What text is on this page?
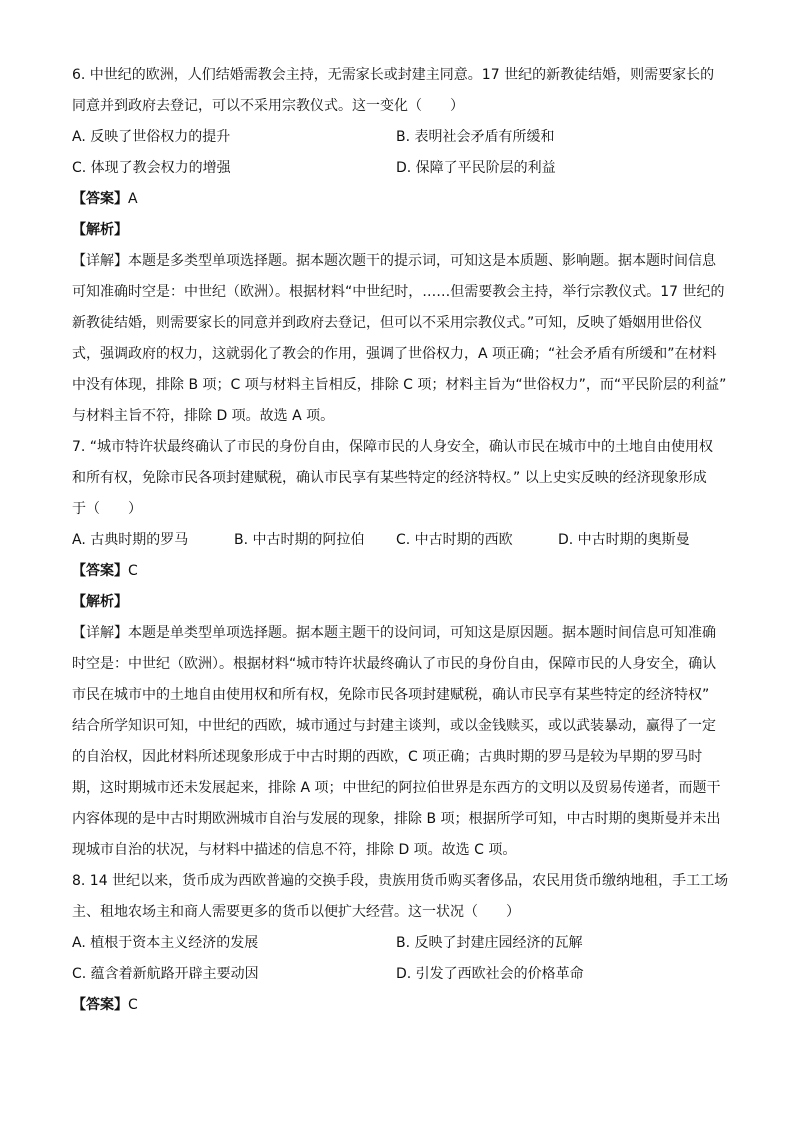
6. 中世纪的欧洲，人们结婚需教会主持，无需家长或封建主同意。17 世纪的新教徒结婚，则需要家长的
同意并到政府去登记，可以不采用宗教仪式。这一变化（　　）
A. 反映了世俗权力的提升	B. 表明社会矛盾有所缓和
C. 体现了教会权力的增强	D. 保障了平民阶层的利益
【答案】A
【解析】
【详解】本题是多类型单项选择题。据本题次题干的提示词，可知这是本质题、影响题。据本题时间信息
可知准确时空是：中世纪（欧洲）。根据材料“中世纪时，……但需要教会主持，举行宗教仪式。17 世纪的
新教徒结婚，则需要家长的同意并到政府去登记，但可以不采用宗教仪式。”可知，反映了婚姻用世俗仪
式，强调政府的权力，这就弱化了教会的作用，强调了世俗权力，A 项正确；“社会矛盾有所缓和”在材料
中没有体现，排除 B 项；C 项与材料主旨相反，排除 C 项；材料主旨为“世俗权力”，而“平民阶层的利益”
与材料主旨不符，排除 D 项。故选 A 项。
7. “城市特许状最终确认了市民的身份自由，保障市民的人身安全，确认市民在城市中的土地自由使用权
和所有权，免除市民各项封建赋税，确认市民享有某些特定的经济特权。” 以上史实反映的经济现象形成
于（　　）
A. 古典时期的罗马	B. 中古时期的阿拉伯 C. 中古时期的西欧	D. 中古时期的奥斯曼
【答案】C
【解析】
【详解】本题是单类型单项选择题。据本题主题干的设问词，可知这是原因题。据本题时间信息可知准确
时空是：中世纪（欧洲）。根据材料“城市特许状最终确认了市民的身份自由，保障市民的人身安全，确认
市民在城市中的土地自由使用权和所有权，免除市民各项封建赋税，确认市民享有某些特定的经济特权”
结合所学知识可知，中世纪的西欧，城市通过与封建主谈判，或以金钱赎买，或以武装暴动，赢得了一定
的自治权，因此材料所述现象形成于中古时期的西欧，C 项正确；古典时期的罗马是较为早期的罗马时
期，这时期城市还未发展起来，排除 A 项；中世纪的阿拉伯世界是东西方的文明以及贸易传递者，而题干
内容体现的是中古时期欧洲城市自治与发展的现象，排除 B 项；根据所学可知，中古时期的奥斯曼并未出
现城市自治的状况，与材料中描述的信息不符，排除 D 项。故选 C 项。
8. 14 世纪以来，货币成为西欧普遍的交换手段，贵族用货币购买奢侈品，农民用货币缴纳地租，手工工场
主、租地农场主和商人需要更多的货币以便扩大经营。这一状况（　　）
A. 植根于资本主义经济的发展	B. 反映了封建庄园经济的瓦解
C. 蕴含着新航路开辟主要动因	D. 引发了西欧社会的价格革命
【答案】C
